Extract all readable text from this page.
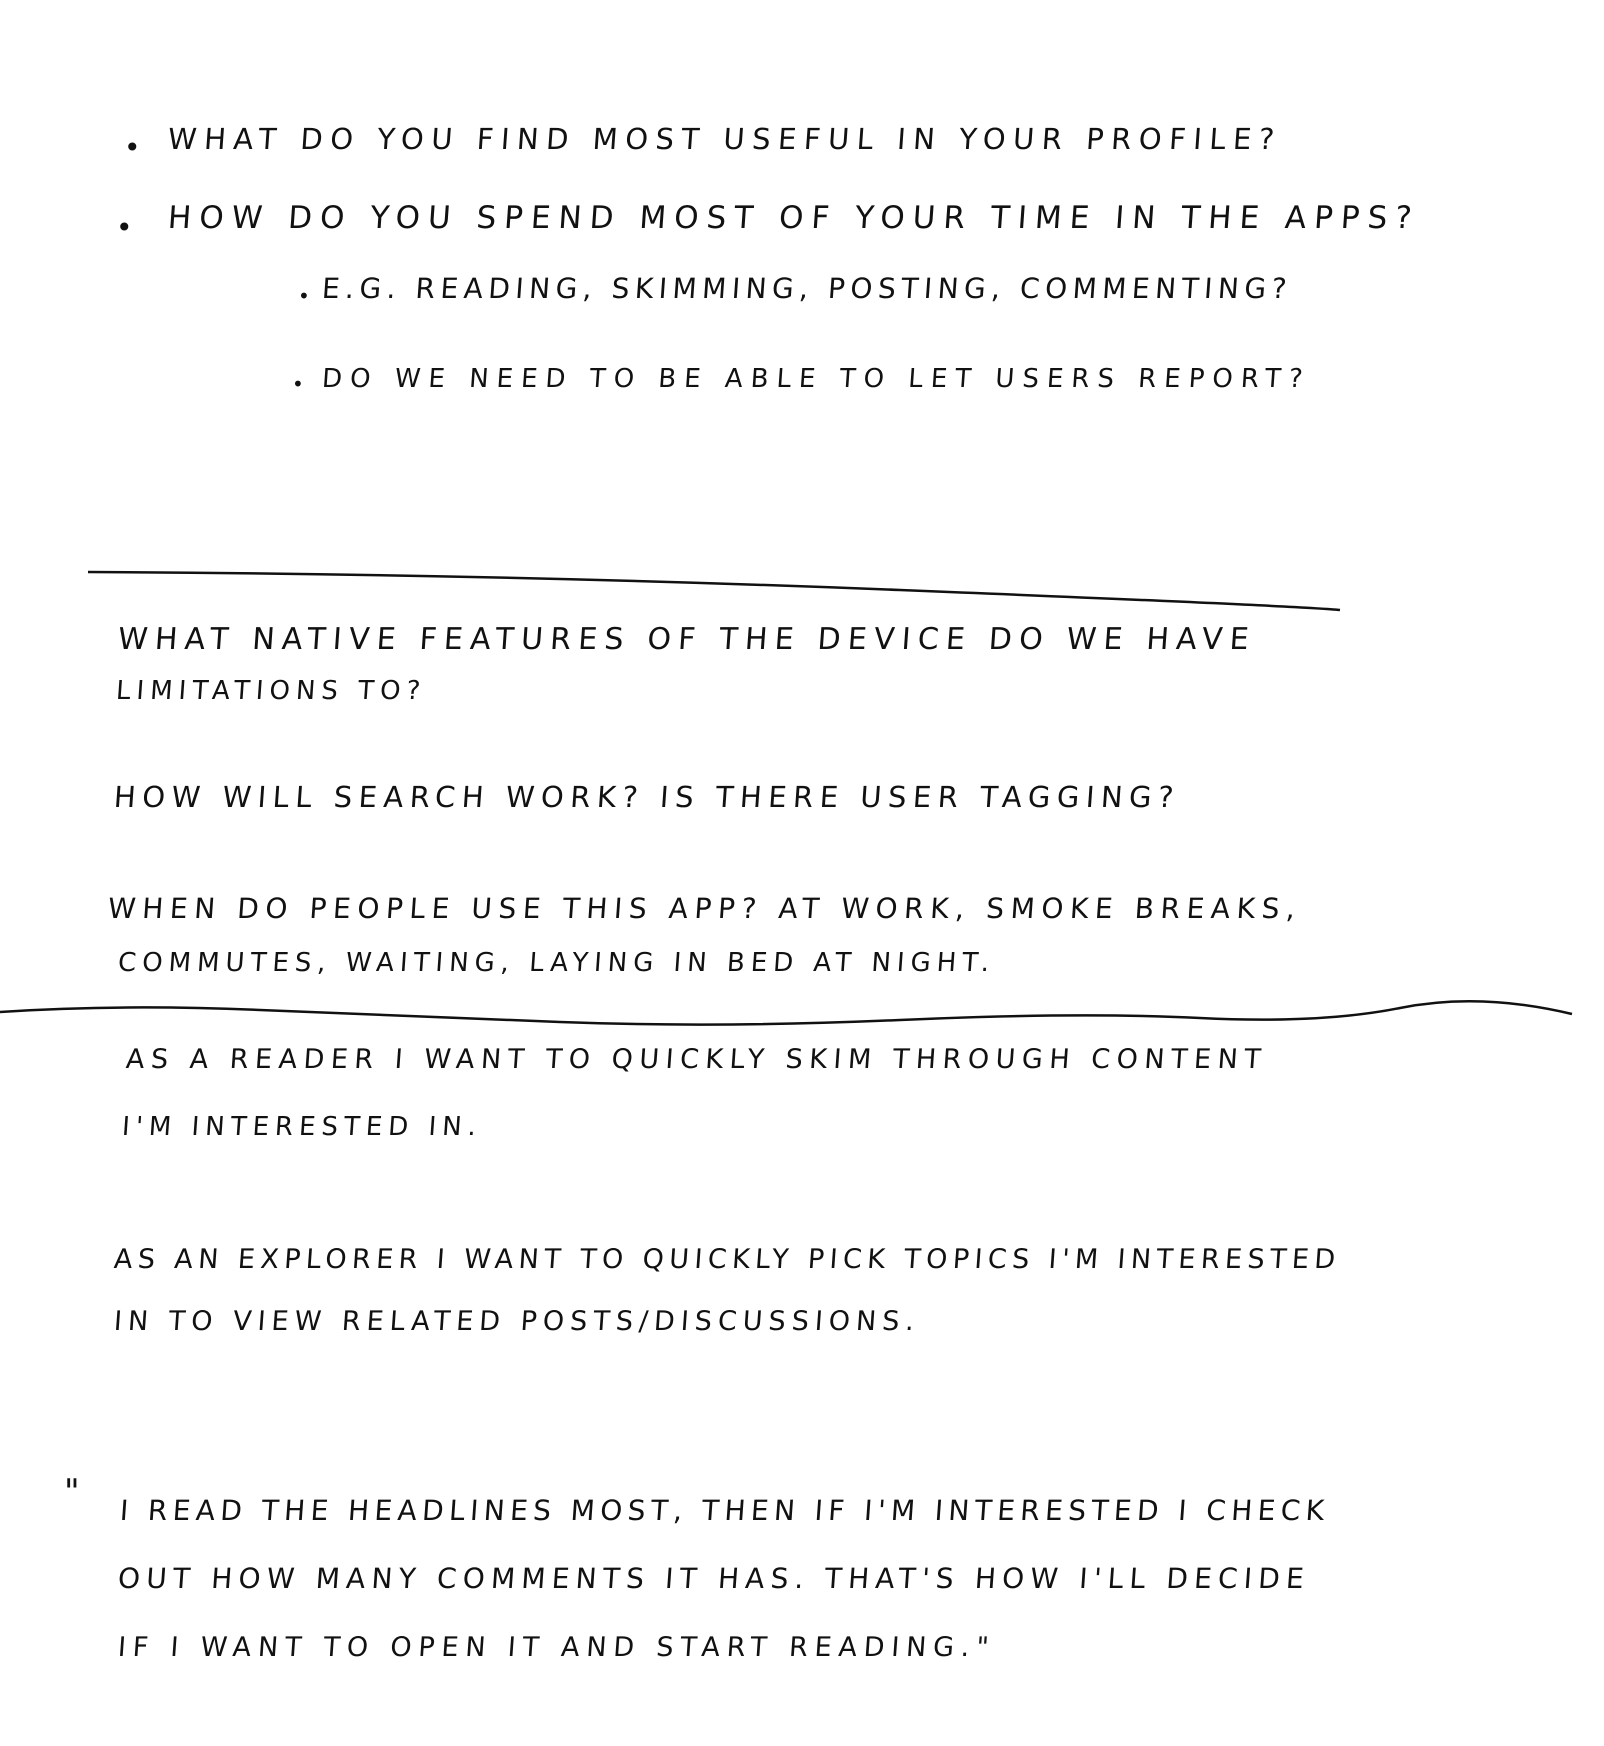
• WHAT DO YOU FIND MOST USEFUL IN YOUR PROFILE?
• HOW DO YOU SPEND MOST OF YOUR TIME IN THE APPS?
• E.G. READING, SKIMMING, POSTING, COMMENTING?
• DO WE NEED TO BE ABLE TO LET USERS REPORT?
WHAT NATIVE FEATURES OF THE DEVICE DO WE HAVE
LIMITATIONS TO?
HOW WILL SEARCH WORK? IS THERE USER TAGGING?
WHEN DO PEOPLE USE THIS APP? AT WORK, SMOKE BREAKS,
COMMUTES, WAITING, LAYING IN BED AT NIGHT.
AS A READER I WANT TO QUICKLY SKIM THROUGH CONTENT
I'M INTERESTED IN.
AS AN EXPLORER I WANT TO QUICKLY PICK TOPICS I'M INTERESTED
IN TO VIEW RELATED POSTS/DISCUSSIONS.
" I READ THE HEADLINES MOST, THEN IF I'M INTERESTED I CHECK
OUT HOW MANY COMMENTS IT HAS. THAT'S HOW I'LL DECIDE
IF I WANT TO OPEN IT AND START READING."
